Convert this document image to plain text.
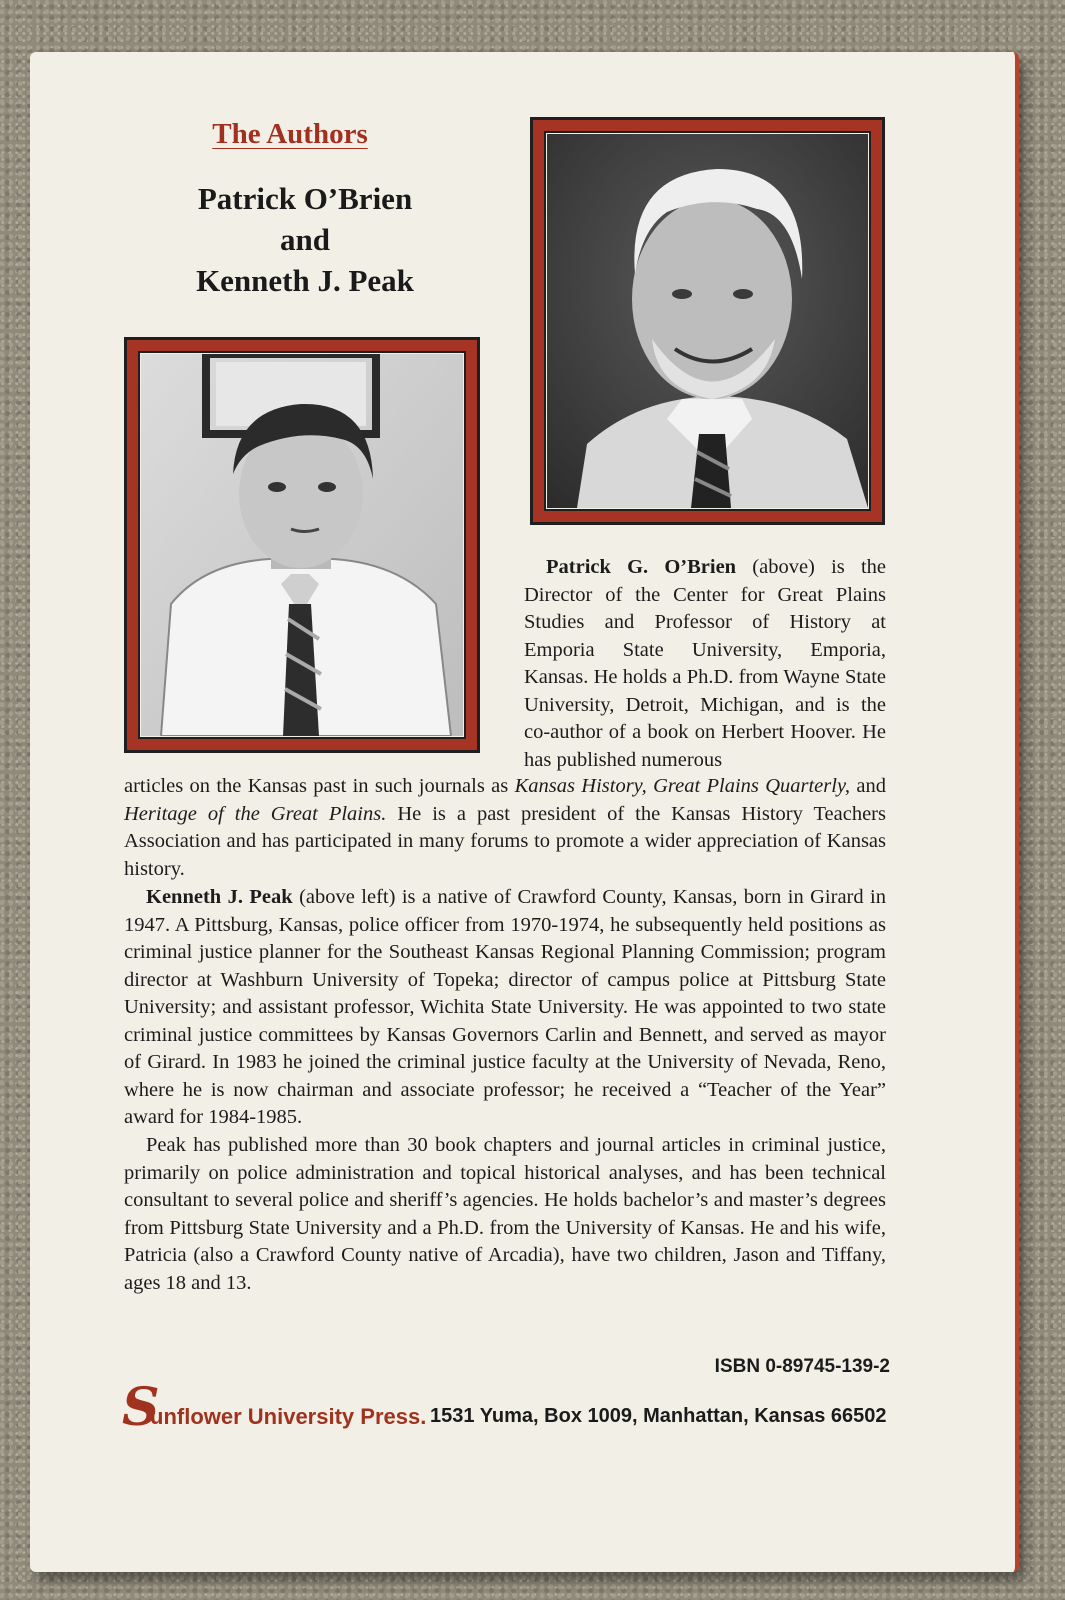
The Authors
Patrick O’Brien
and
Kenneth J. Peak

Patrick G. O’Brien (above) is the Director of the Center for Great Plains Studies and Professor of History at Emporia State University, Emporia, Kansas. He holds a Ph.D. from Wayne State University, Detroit, Michigan, and is the co-author of a book on Herbert Hoover. He has published numerous

articles on the Kansas past in such journals as Kansas History, Great Plains Quarterly, and Heritage of the Great Plains. He is a past president of the Kansas History Teachers Association and has participated in many forums to promote a wider appreciation of Kansas history.

Kenneth J. Peak (above left) is a native of Crawford County, Kansas, born in Girard in 1947. A Pittsburg, Kansas, police officer from 1970-1974, he subsequently held positions as criminal justice planner for the Southeast Kansas Regional Planning Commission; program director at Washburn University of Topeka; director of campus police at Pittsburg State University; and assistant professor, Wichita State University. He was appointed to two state criminal justice committees by Kansas Governors Carlin and Bennett, and served as mayor of Girard. In 1983 he joined the criminal justice faculty at the University of Nevada, Reno, where he is now chairman and associate professor; he received a “Teacher of the Year” award for 1984-1985.

Peak has published more than 30 book chapters and journal articles in criminal justice, primarily on police administration and topical historical analyses, and has been technical consultant to several police and sheriff’s agencies. He holds bachelor’s and master’s degrees from Pittsburg State University and a Ph.D. from the University of Kansas. He and his wife, Patricia (also a Crawford County native of Arcadia), have two children, Jason and Tiffany, ages 18 and 13.

ISBN 0-89745-139-2

S

unflower University Press. 1531 Yuma, Box 1009, Manhattan, Kansas 66502
